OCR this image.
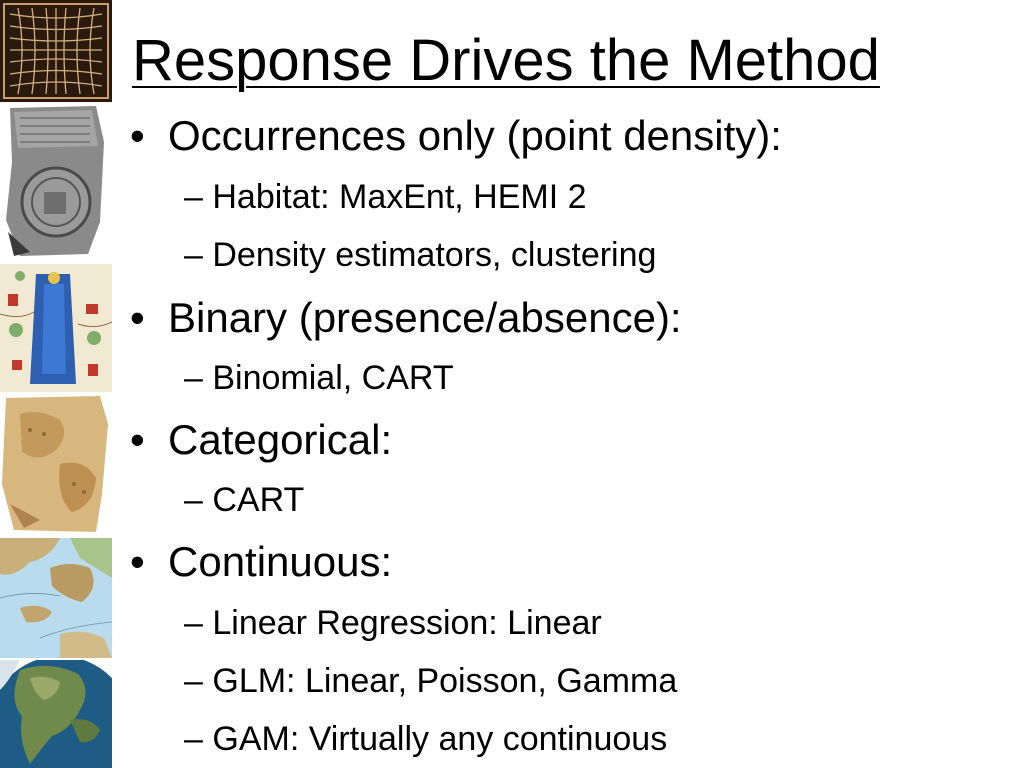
Response Drives the Method
• Occurrences only (point density):
– Habitat: MaxEnt, HEMI 2
– Density estimators, clustering
• Binary (presence/absence):
– Binomial, CART
• Categorical:
– CART
• Continuous:
– Linear Regression: Linear
– GLM: Linear, Poisson, Gamma
– GAM: Virtually any continuous
